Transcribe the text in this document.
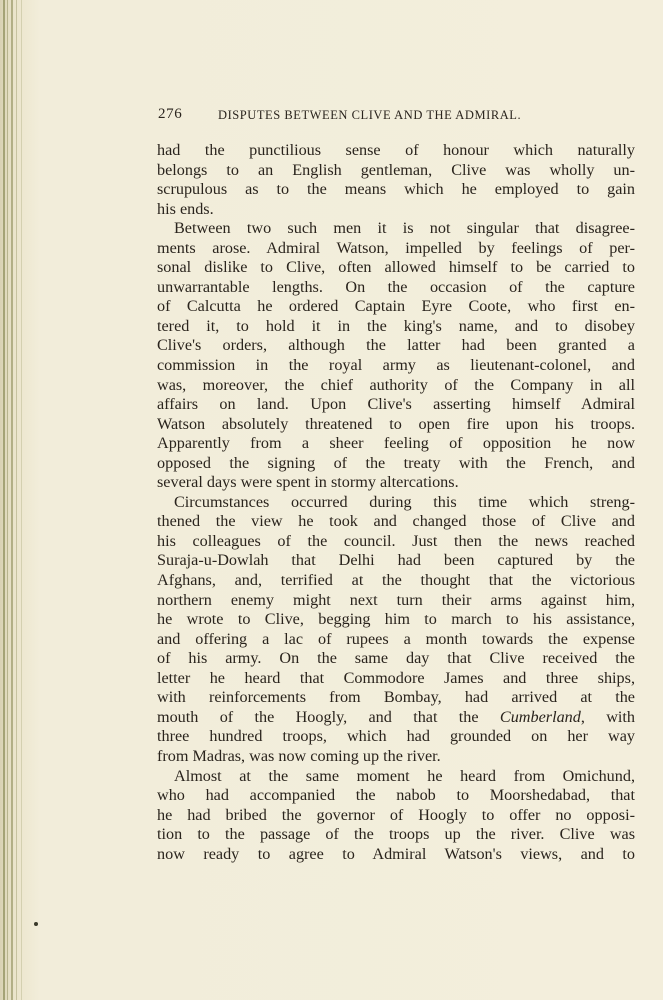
276	DISPUTES BETWEEN CLIVE AND THE ADMIRAL.
had the punctilious sense of honour which naturally
belongs to an English gentleman, Clive was wholly un-
scrupulous as to the means which he employed to gain
his ends.
Between two such men it is not singular that disagree-
ments arose. Admiral Watson, impelled by feelings of per-
sonal dislike to Clive, often allowed himself to be carried to
unwarrantable lengths. On the occasion of the capture
of Calcutta he ordered Captain Eyre Coote, who first en-
tered it, to hold it in the king's name, and to disobey
Clive's orders, although the latter had been granted a
commission in the royal army as lieutenant-colonel, and
was, moreover, the chief authority of the Company in all
affairs on land. Upon Clive's asserting himself Admiral
Watson absolutely threatened to open fire upon his troops.
Apparently from a sheer feeling of opposition he now
opposed the signing of the treaty with the French, and
several days were spent in stormy altercations.
Circumstances occurred during this time which streng-
thened the view he took and changed those of Clive and
his colleagues of the council. Just then the news reached
Suraja-u-Dowlah that Delhi had been captured by the
Afghans, and, terrified at the thought that the victorious
northern enemy might next turn their arms against him,
he wrote to Clive, begging him to march to his assistance,
and offering a lac of rupees a month towards the expense
of his army. On the same day that Clive received the
letter he heard that Commodore James and three ships,
with reinforcements from Bombay, had arrived at the
mouth of the Hoogly, and that the Cumberland, with
three hundred troops, which had grounded on her way
from Madras, was now coming up the river.
Almost at the same moment he heard from Omichund,
who had accompanied the nabob to Moorshedabad, that
he had bribed the governor of Hoogly to offer no opposi-
tion to the passage of the troops up the river. Clive was
now ready to agree to Admiral Watson's views, and to
